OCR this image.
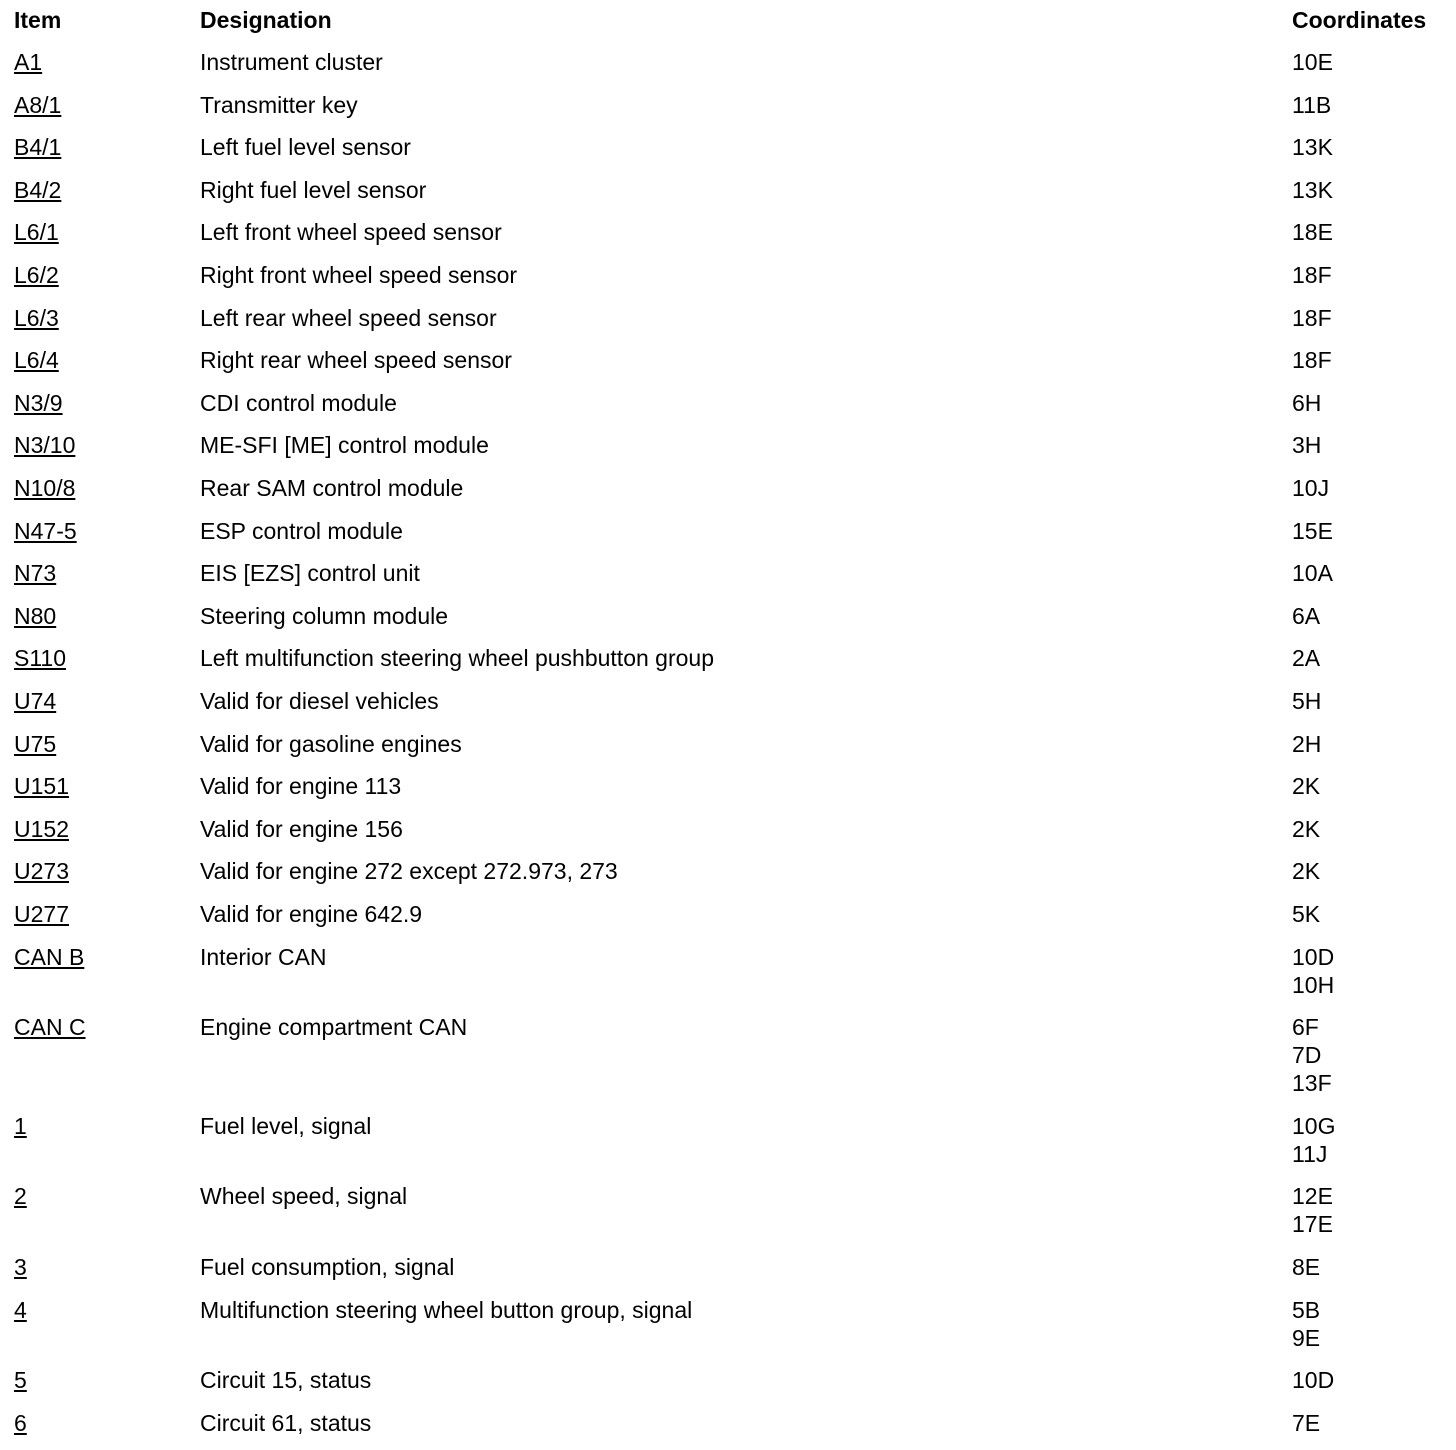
Item	Designation	Coordinates
A1	Instrument cluster	10E
A8/1	Transmitter key	11B
B4/1	Left fuel level sensor	13K
B4/2	Right fuel level sensor	13K
L6/1	Left front wheel speed sensor	18E
L6/2	Right front wheel speed sensor	18F
L6/3	Left rear wheel speed sensor	18F
L6/4	Right rear wheel speed sensor	18F
N3/9	CDI control module	6H
N3/10	ME-SFI [ME] control module	3H
N10/8	Rear SAM control module	10J
N47-5	ESP control module	15E
N73	EIS [EZS] control unit	10A
N80	Steering column module	6A
S110	Left multifunction steering wheel pushbutton group	2A
U74	Valid for diesel vehicles	5H
U75	Valid for gasoline engines	2H
U151	Valid for engine 113	2K
U152	Valid for engine 156	2K
U273	Valid for engine 272 except 272.973, 273	2K
U277	Valid for engine 642.9	5K
CAN B	Interior CAN	10D
10H
CAN C	Engine compartment CAN	6F
7D
13F
1	Fuel level, signal	10G
11J
2	Wheel speed, signal	12E
17E
3	Fuel consumption, signal	8E
4	Multifunction steering wheel button group, signal	5B
9E
5	Circuit 15, status	10D
6	Circuit 61, status	7E
